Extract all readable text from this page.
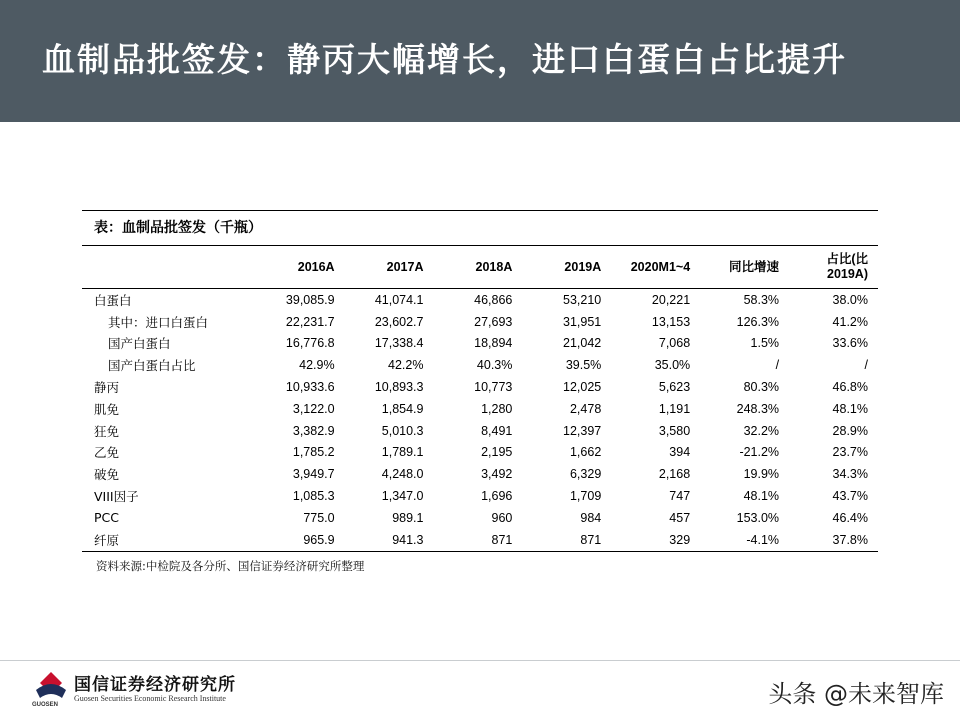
血制品批签发：静丙大幅增长，进口白蛋白占比提升
表：血制品批签发（千瓶）
	2016A	2017A	2018A	2019A	2020M1~4	同比增速	占比(比
2019A)
白蛋白	39,085.9	41,074.1	46,866	53,210	20,221	58.3%	38.0%
其中：进口白蛋白	22,231.7	23,602.7	27,693	31,951	13,153	126.3%	41.2%
国产白蛋白	16,776.8	17,338.4	18,894	21,042	7,068	1.5%	33.6%
国产白蛋白占比	42.9%	42.2%	40.3%	39.5%	35.0%	/	/
静丙	10,933.6	10,893.3	10,773	12,025	5,623	80.3%	46.8%
肌免	3,122.0	1,854.9	1,280	2,478	1,191	248.3%	48.1%
狂免	3,382.9	5,010.3	8,491	12,397	3,580	32.2%	28.9%
乙免	1,785.2	1,789.1	2,195	1,662	394	-21.2%	23.7%
破免	3,949.7	4,248.0	3,492	6,329	2,168	19.9%	34.3%
VIII因子	1,085.3	1,347.0	1,696	1,709	747	48.1%	43.7%
PCC	775.0	989.1	960	984	457	153.0%	46.4%
纤原	965.9	941.3	871	871	329	-4.1%	37.8%
资料来源:中检院及各分所、国信证券经济研究所整理
国信证券经济研究所
Guosen Securities Economic Research Institute
GUOSEN	头条 @未来智库
